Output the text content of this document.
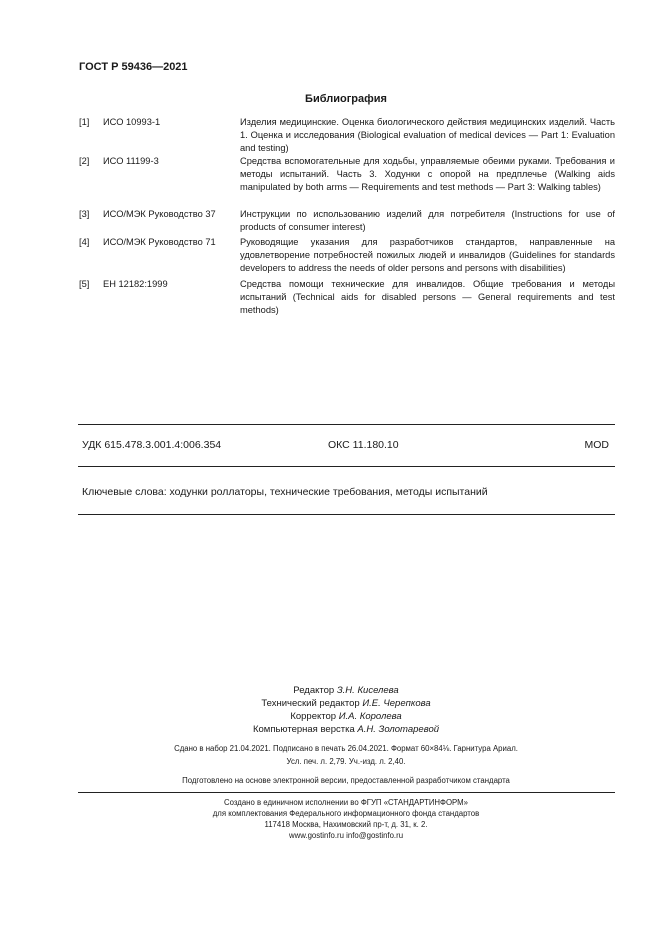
ГОСТ Р 59436—2021
Библиография
[1] ИСО 10993-1	Изделия медицинские. Оценка биологического действия медицинских изделий. Часть 1. Оценка и исследования (Biological evaluation of medical devices — Part 1: Evaluation and testing)
[2] ИСО 11199-3	Средства вспомогательные для ходьбы, управляемые обеими руками. Требования и методы испытаний. Часть 3. Ходунки с опорой на предплечье (Walking aids manipulated by both arms — Requirements and test methods — Part 3: Walking tables)
[3] ИСО/МЭК Руководство 37	Инструкции по использованию изделий для потребителя (Instructions for use of products of consumer interest)
[4] ИСО/МЭК Руководство 71	Руководящие указания для разработчиков стандартов, направленные на удовлетворение потребностей пожилых людей и инвалидов (Guidelines for standards developers to address the needs of older persons and persons with disabilities)
[5] ЕН 12182:1999	Средства помощи технические для инвалидов. Общие требования и методы испытаний (Technical aids for disabled persons — General requirements and test methods)
УДК 615.478.3.001.4:006.354	ОКС 11.180.10	MOD
Ключевые слова: ходунки роллаторы, технические требования, методы испытаний
Редактор З.Н. Киселева
Технический редактор И.Е. Черепкова
Корректор И.А. Королева
Компьютерная верстка А.Н. Золотаревой
Сдано в набор 21.04.2021. Подписано в печать 26.04.2021. Формат 60×84⅛. Гарнитура Ариал.
Усл. печ. л. 2,79. Уч.-изд. л. 2,40.
Подготовлено на основе электронной версии, предоставленной разработчиком стандарта
Создано в единичном исполнении во ФГУП «СТАНДАРТИНФОРМ»
для комплектования Федерального информационного фонда стандартов
117418 Москва, Нахимовский пр-т, д. 31, к. 2.
www.gostinfo.ru info@gostinfo.ru
